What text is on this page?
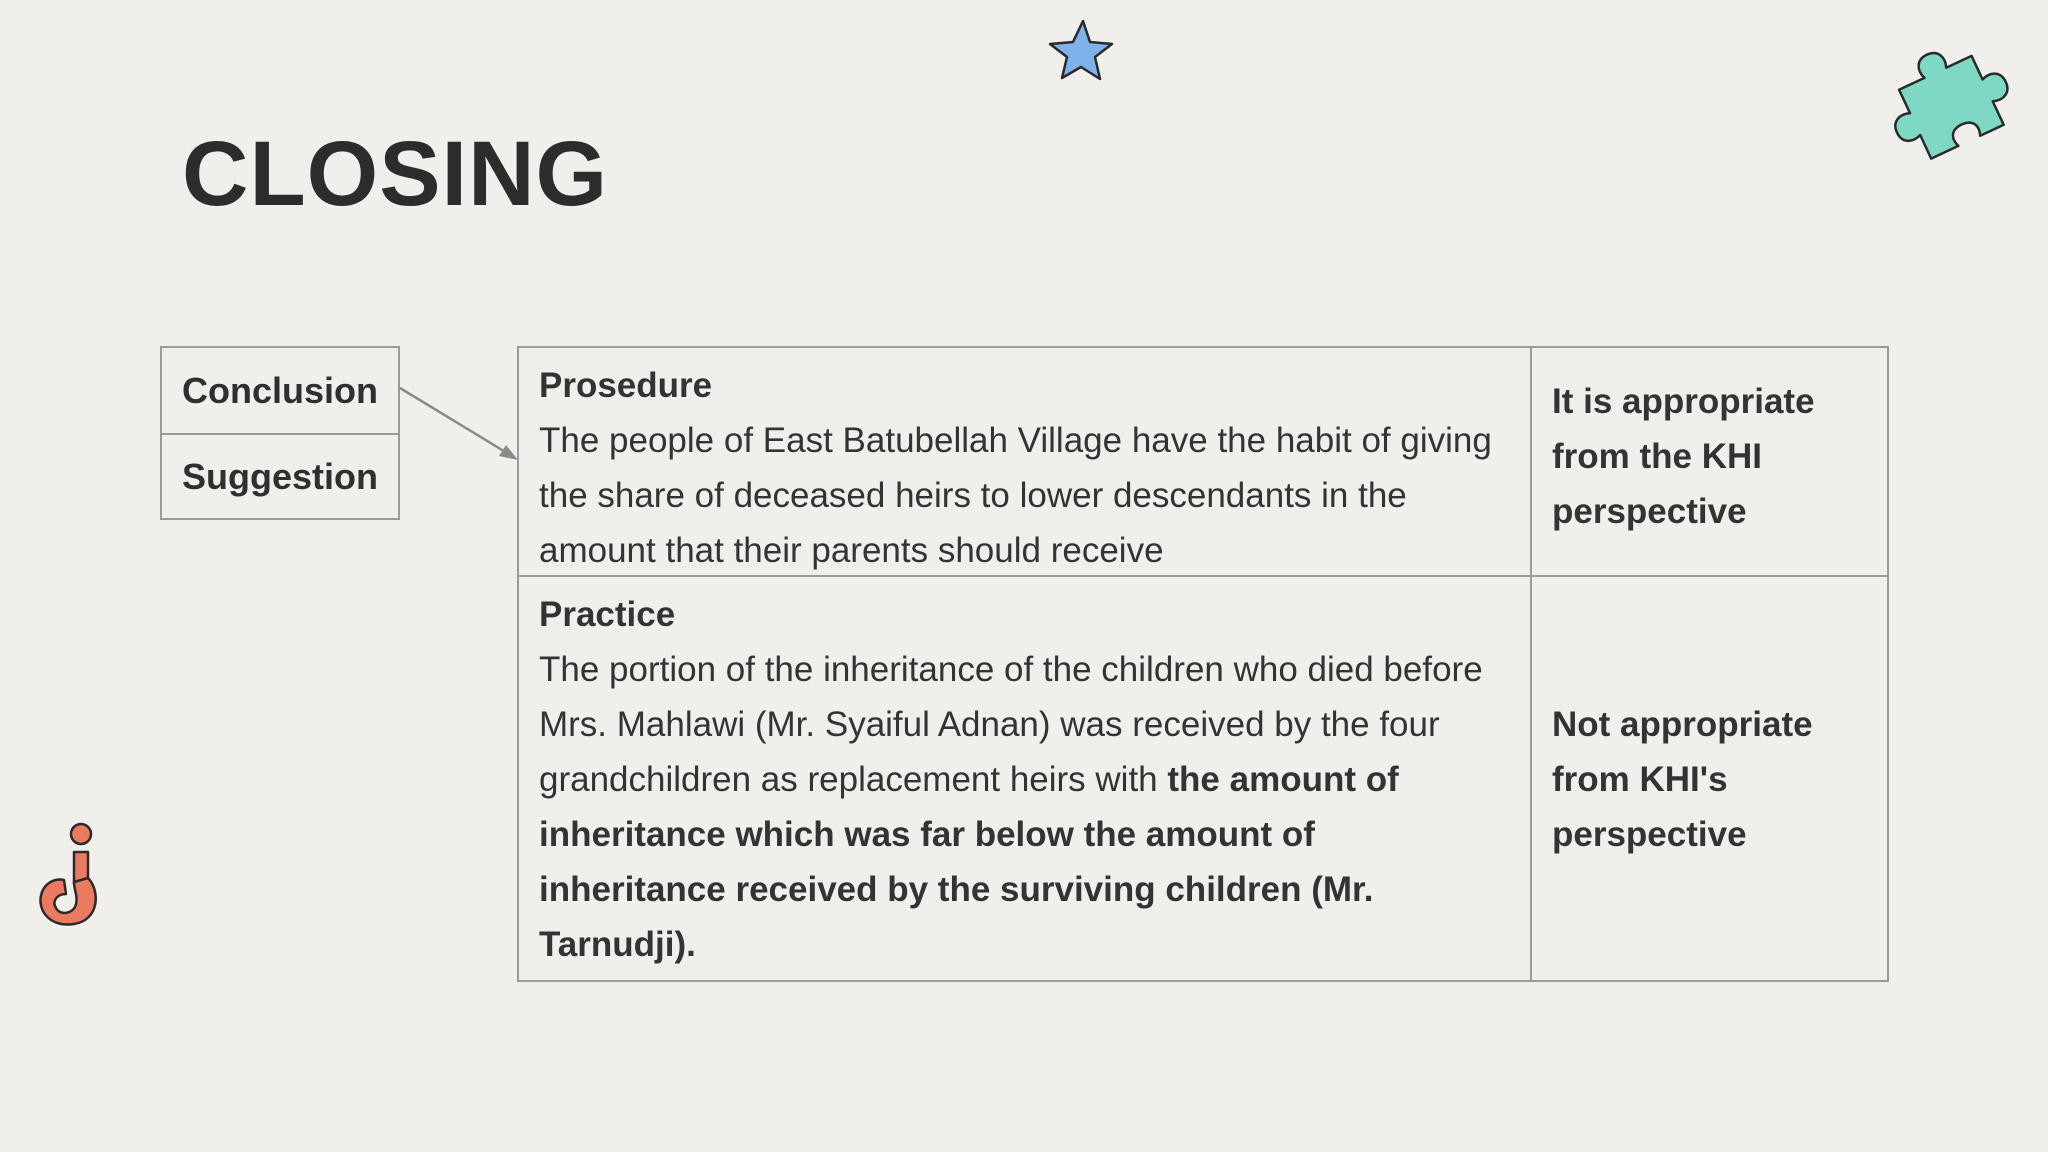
CLOSING
Conclusion
Suggestion
Prosedure
The people of East Batubellah Village have the habit of giving the share of deceased heirs to lower descendants in the amount that their parents should receive
It is appropriate from the KHI perspective
Practice
The portion of the inheritance of the children who died before Mrs. Mahlawi (Mr. Syaiful Adnan) was received by the four grandchildren as replacement heirs with the amount of inheritance which was far below the amount of inheritance received by the surviving children (Mr. Tarnudji).
Not appropriate from KHI's perspective
